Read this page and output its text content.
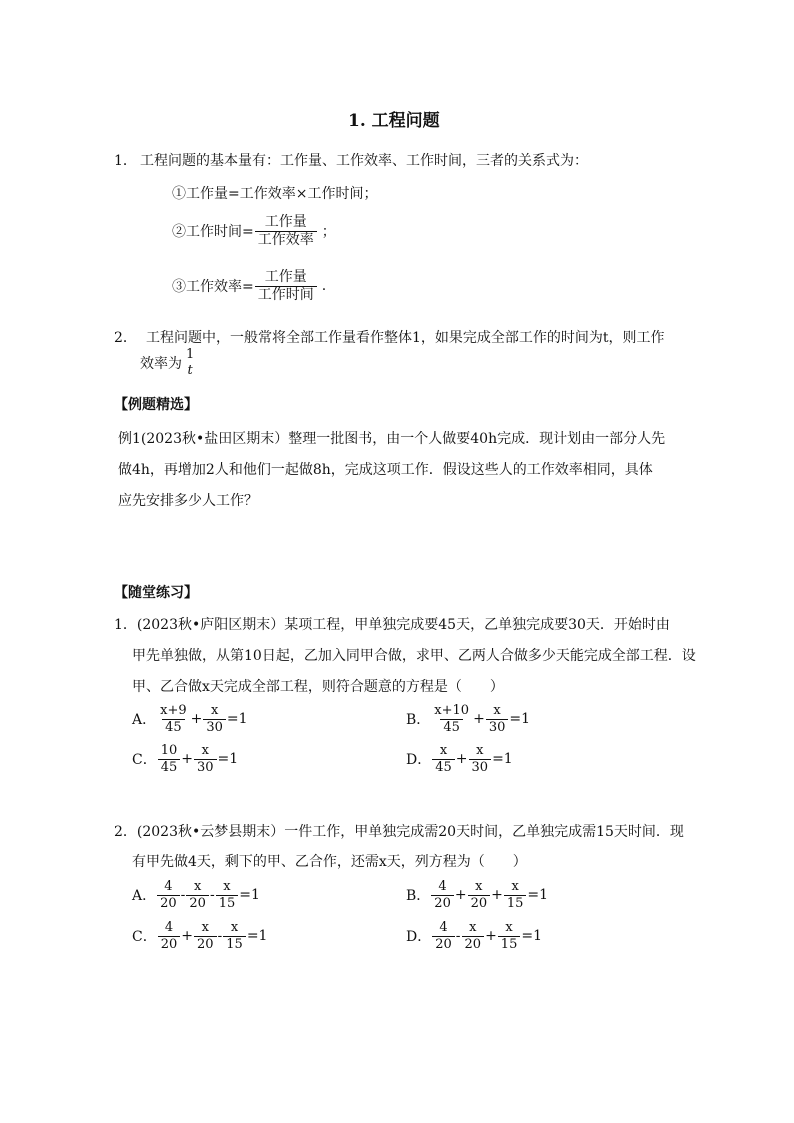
1. 工程问题
1． 工程问题的基本量有：工作量、工作效率、工作时间，三者的关系式为：
①工作量=工作效率×工作时间；
②工作时间= $\frac{\text{工作量}}{\text{工作效率}}$ ；
③工作效率= $\frac{\text{工作量}}{\text{工作时间}}$ .
2． 工程问题中，一般常将全部工作量看作整体1，如果完成全部工作的时间为t，则工作
效率为
1
t
【例题精选】
例1(2023秋•盐田区期末）整理一批图书，由一个人做要40h完成．现计划由一部分人先
做4h，再增加2人和他们一起做8h，完成这项工作．假设这些人的工作效率相同，具体
应先安排多少人工作？
【随堂练习】
1．(2023秋•庐阳区期末）某项工程，甲单独完成要45天，乙单独完成要30天．开始时由
甲先单独做，从第10日起，乙加入同甲合做，求甲、乙两人合做多少天能完成全部工程．设
甲、乙合做x天完成全部工程，则符合题意的方程是（　　）
A． $\frac{x+9}{45} + \frac{x}{30} =1$	B． $\frac{x+10}{45} + \frac{x}{30} =1$
C． $\frac{10}{45} + \frac{x}{30} =1$	D． $\frac{x}{45} + \frac{x}{30} =1$
2．(2023秋•云梦县期末）一件工作，甲单独完成需20天时间，乙单独完成需15天时间．现
有甲先做4天，剩下的甲、乙合作，还需x天，列方程为（　　）
A． $\frac{4}{20} - \frac{x}{20} - \frac{x}{15} =1$	B． $\frac{4}{20} + \frac{x}{20} + \frac{x}{15} =1$
C． $\frac{4}{20} + \frac{x}{20} - \frac{x}{15} =1$	D． $\frac{4}{20} - \frac{x}{20} + \frac{x}{15} =1$
